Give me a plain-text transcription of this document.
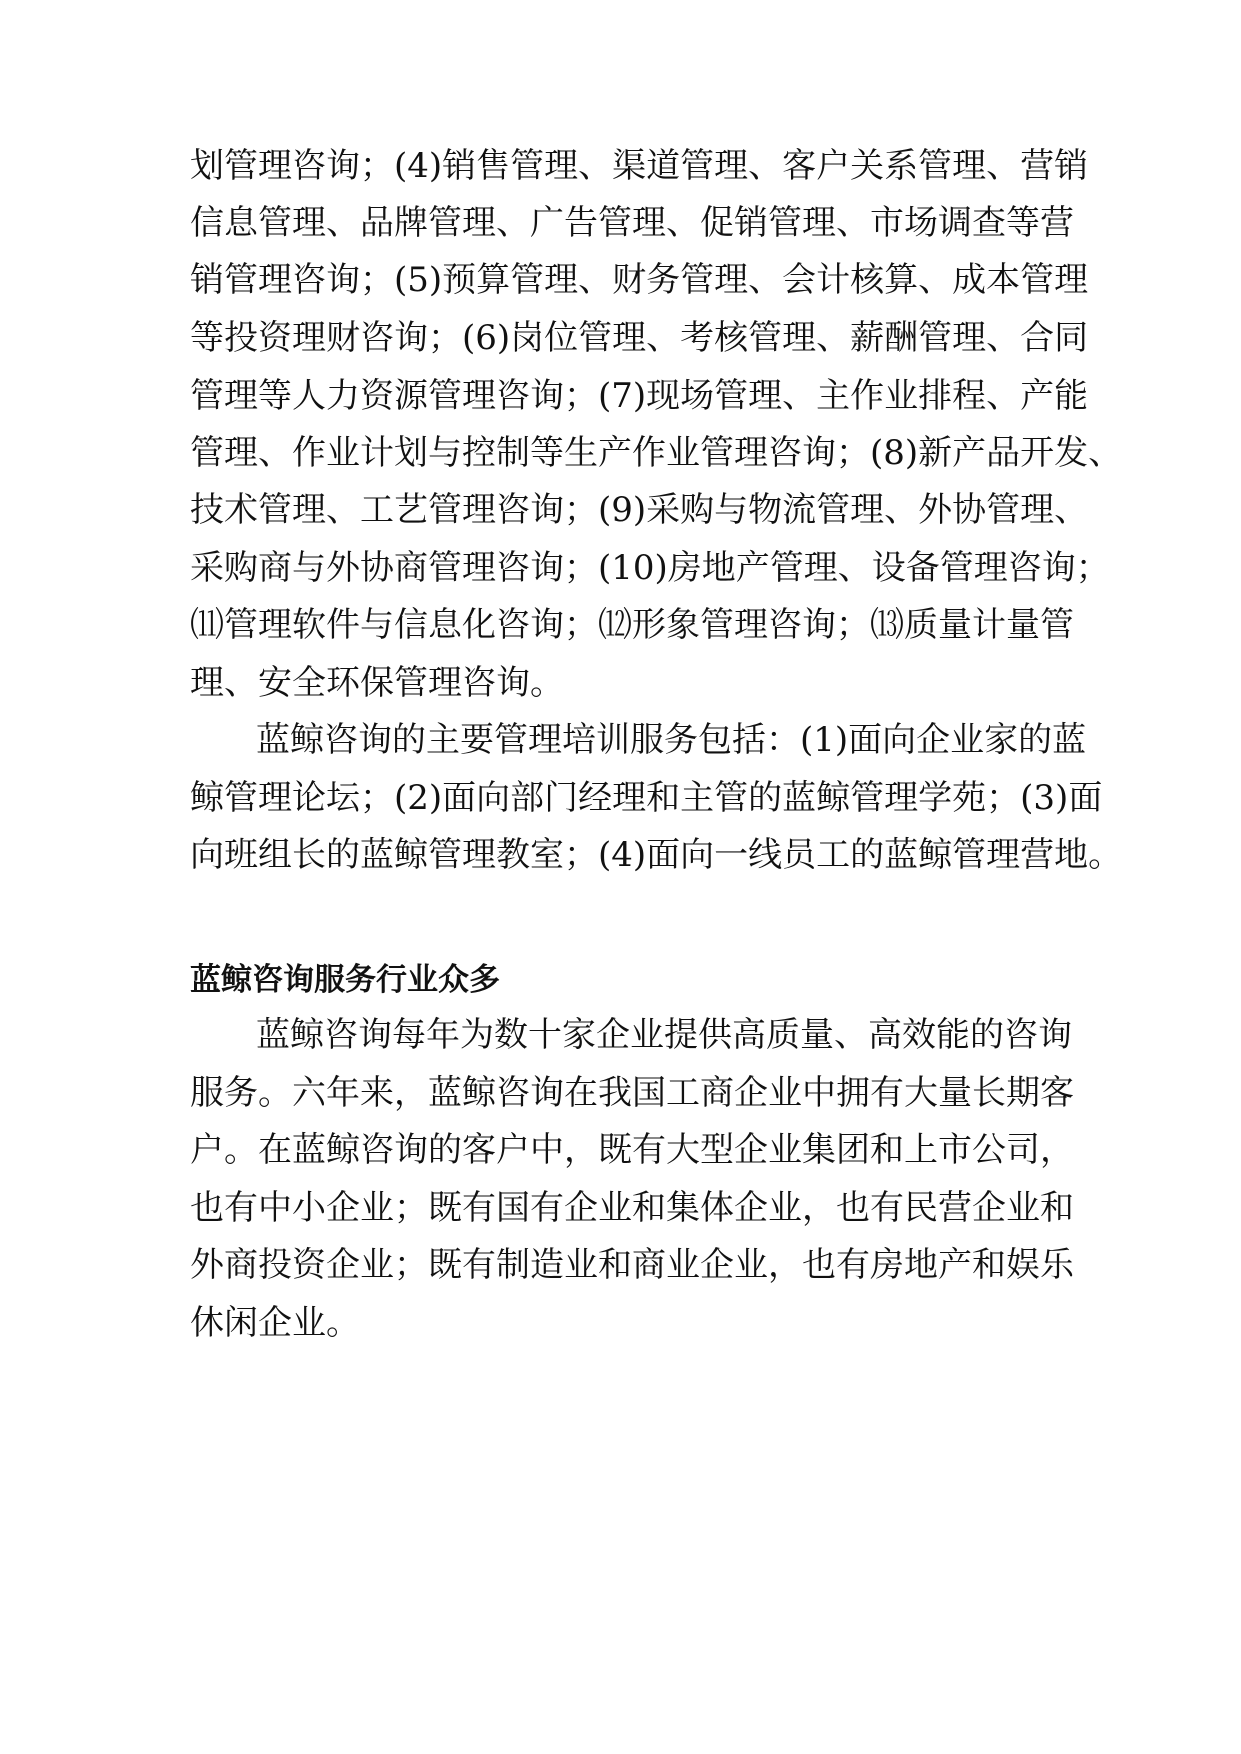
划管理咨询；(4)销售管理、渠道管理、客户关系管理、营销
信息管理、品牌管理、广告管理、促销管理、市场调查等营
销管理咨询；(5)预算管理、财务管理、会计核算、成本管理
等投资理财咨询；(6)岗位管理、考核管理、薪酬管理、合同
管理等人力资源管理咨询；(7)现场管理、主作业排程、产能
管理、作业计划与控制等生产作业管理咨询；(8)新产品开发、
技术管理、工艺管理咨询；(9)采购与物流管理、外协管理、
采购商与外协商管理咨询；(10)房地产管理、设备管理咨询；
⑾管理软件与信息化咨询；⑿形象管理咨询；⒀质量计量管
理、安全环保管理咨询。
蓝鲸咨询的主要管理培训服务包括：(1)面向企业家的蓝
鲸管理论坛；(2)面向部门经理和主管的蓝鲸管理学苑；(3)面
向班组长的蓝鲸管理教室；(4)面向一线员工的蓝鲸管理营地。
蓝鲸咨询服务行业众多
蓝鲸咨询每年为数十家企业提供高质量、高效能的咨询
服务。六年来，蓝鲸咨询在我国工商企业中拥有大量长期客
户。在蓝鲸咨询的客户中，既有大型企业集团和上市公司，
也有中小企业；既有国有企业和集体企业，也有民营企业和
外商投资企业；既有制造业和商业企业，也有房地产和娱乐
休闲企业。
